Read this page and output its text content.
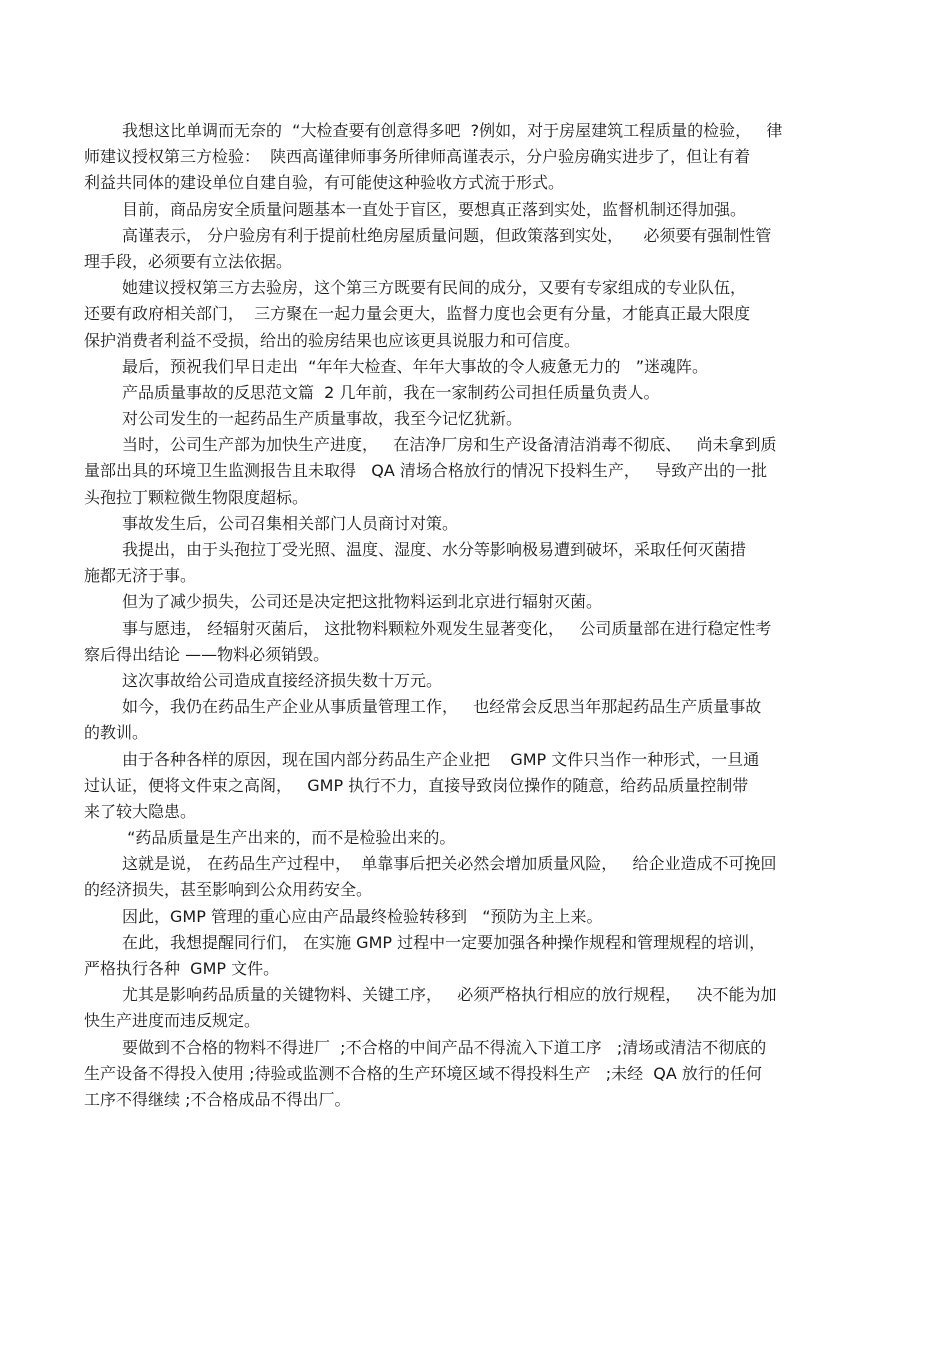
我想这比单调而无奈的  “大检查要有创意得多吧  ?例如，对于房屋建筑工程质量的检验，   律
师建议授权第三方检验：  陕西高谨律师事务所律师高谨表示，分户验房确实进步了，但让有着
利益共同体的建设单位自建自验，有可能使这种验收方式流于形式。
目前，商品房安全质量问题基本一直处于盲区，要想真正落到实处，监督机制还得加强。
高谨表示， 分户验房有利于提前杜绝房屋质量问题，但政策落到实处，    必须要有强制性管
理手段，必须要有立法依据。
她建议授权第三方去验房，这个第三方既要有民间的成分，又要有专家组成的专业队伍，
还要有政府相关部门，  三方聚在一起力量会更大，监督力度也会更有分量，才能真正最大限度
保护消费者利益不受损，给出的验房结果也应该更具说服力和可信度。
最后，预祝我们早日走出  “年年大检查、年年大事故的令人疲惫无力的   ”迷魂阵。
产品质量事故的反思范文篇  2 几年前，我在一家制药公司担任质量负责人。
对公司发生的一起药品生产质量事故，我至今记忆犹新。
当时，公司生产部为加快生产进度，   在洁净厂房和生产设备清洁消毒不彻底、   尚未拿到质
量部出具的环境卫生监测报告且未取得   QA 清场合格放行的情况下投料生产，   导致产出的一批
头孢拉丁颗粒微生物限度超标。
事故发生后，公司召集相关部门人员商讨对策。
我提出，由于头孢拉丁受光照、温度、湿度、水分等影响极易遭到破坏，采取任何灭菌措
施都无济于事。
但为了减少损失，公司还是决定把这批物料运到北京进行辐射灭菌。
事与愿违， 经辐射灭菌后， 这批物料颗粒外观发生显著变化，   公司质量部在进行稳定性考
察后得出结论 ——物料必须销毁。
这次事故给公司造成直接经济损失数十万元。
如今，我仍在药品生产企业从事质量管理工作，   也经常会反思当年那起药品生产质量事故
的教训。
由于各种各样的原因，现在国内部分药品生产企业把    GMP 文件只当作一种形式，一旦通
过认证，便将文件束之高阁，   GMP 执行不力，直接导致岗位操作的随意，给药品质量控制带
来了较大隐患。
“药品质量是生产出来的，而不是检验出来的。
这就是说， 在药品生产过程中，  单靠事后把关必然会增加质量风险，   给企业造成不可挽回
的经济损失，甚至影响到公众用药安全。
因此，GMP 管理的重心应由产品最终检验转移到   “预防为主上来。
在此，我想提醒同行们， 在实施 GMP 过程中一定要加强各种操作规程和管理规程的培训，
严格执行各种  GMP 文件。
尤其是影响药品质量的关键物料、关键工序，   必须严格执行相应的放行规程，   决不能为加
快生产进度而违反规定。
要做到不合格的物料不得进厂  ;不合格的中间产品不得流入下道工序   ;清场或清洁不彻底的
生产设备不得投入使用 ;待验或监测不合格的生产环境区域不得投料生产   ;未经  QA 放行的任何
工序不得继续 ;不合格成品不得出厂。
